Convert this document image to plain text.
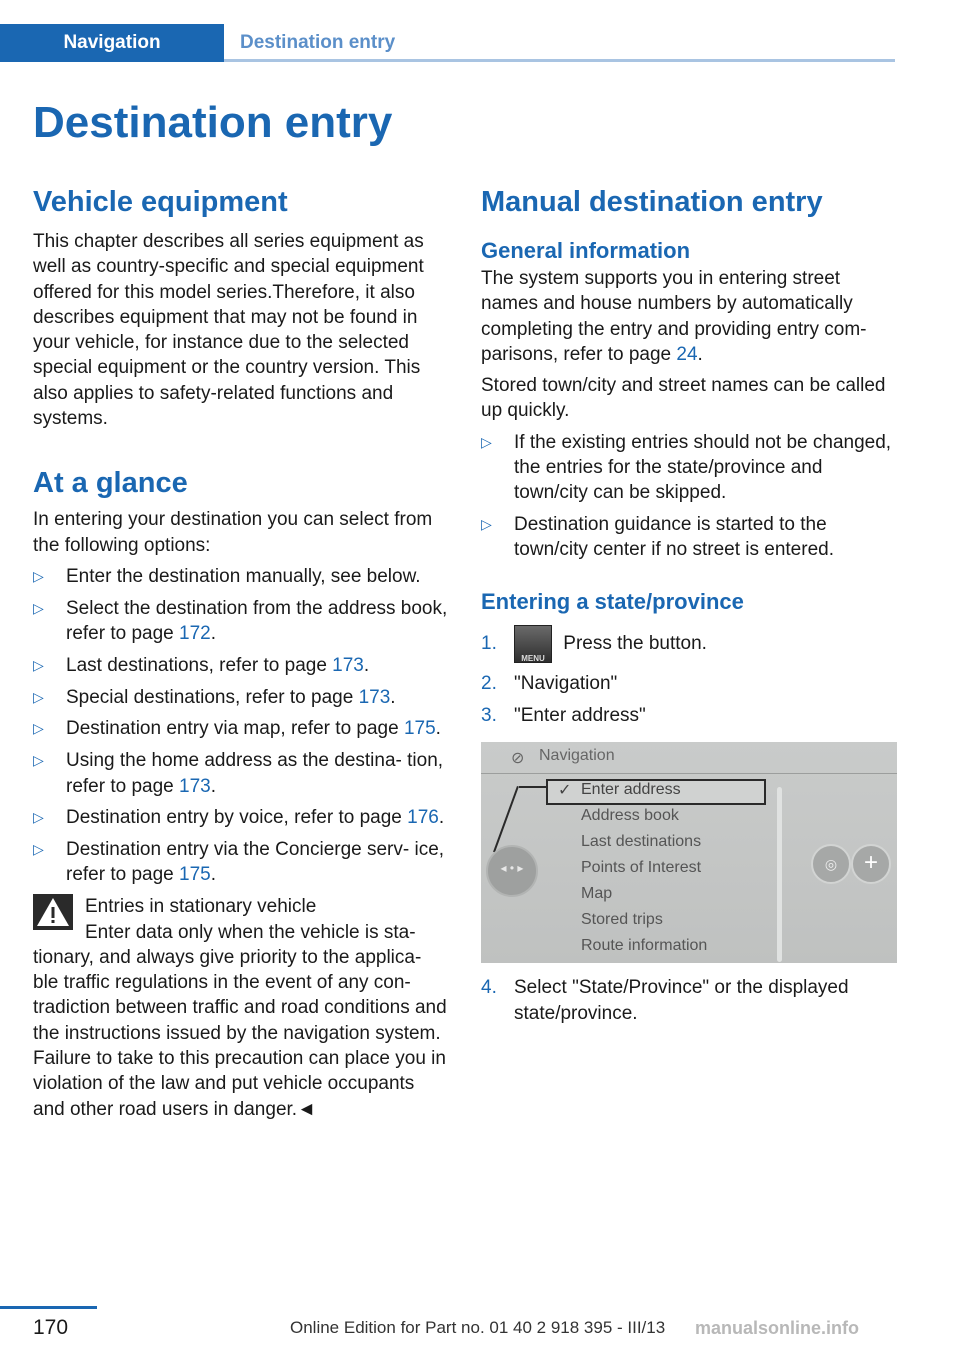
Navigation	Destination entry
Destination entry
Vehicle equipment

This chapter describes all series equipment as well as country-specific and special equipment offered for this model series.Therefore, it also describes equipment that may not be found in your vehicle, for instance due to the selected special equipment or the country version. This also applies to safety-related functions and systems.

At a glance

In entering your destination you can select from the following options:

▷ Enter the destination manually, see below.
▷ Select the destination from the address book, refer to page 172.
▷ Last destinations, refer to page 173.
▷ Special destinations, refer to page 173.
▷ Destination entry via map, refer to page 175.
▷ Using the home address as the destina- tion, refer to page 173.
▷ Destination entry by voice, refer to page 176.
▷ Destination entry via the Concierge serv- ice, refer to page 175.

Entries in stationary vehicle

Enter data only when the vehicle is sta-

tionary, and always give priority to the applica- ble traffic regulations in the event of any con- tradiction between traffic and road conditions and the instructions issued by the navigation system. Failure to take to this precaution can place you in violation of the law and put vehicle occupants and other road users in danger.◄

Manual destination entry
General information

The system supports you in entering street names and house numbers by automatically completing the entry and providing entry com- parisons, refer to page 24.

Stored town/city and street names can be called up quickly.

▷ If the existing entries should not be changed, the entries for the state/province and town/city can be skipped.
▷ Destination guidance is started to the town/city center if no street is entered.
Entering a state/province
1.
MENU
Press the button.
2. "Navigation"
3. "Enter address"
⊘ Navigation
✓ Enter address
Address book
Last destinations
Points of Interest
Map
Stored trips
Route information
◂ • ▸	◎	+
4. Select "State/Province" or the displayed state/province.
170	Online Edition for Part no. 01 40 2 918 395 - III/13 manualsonline.info
